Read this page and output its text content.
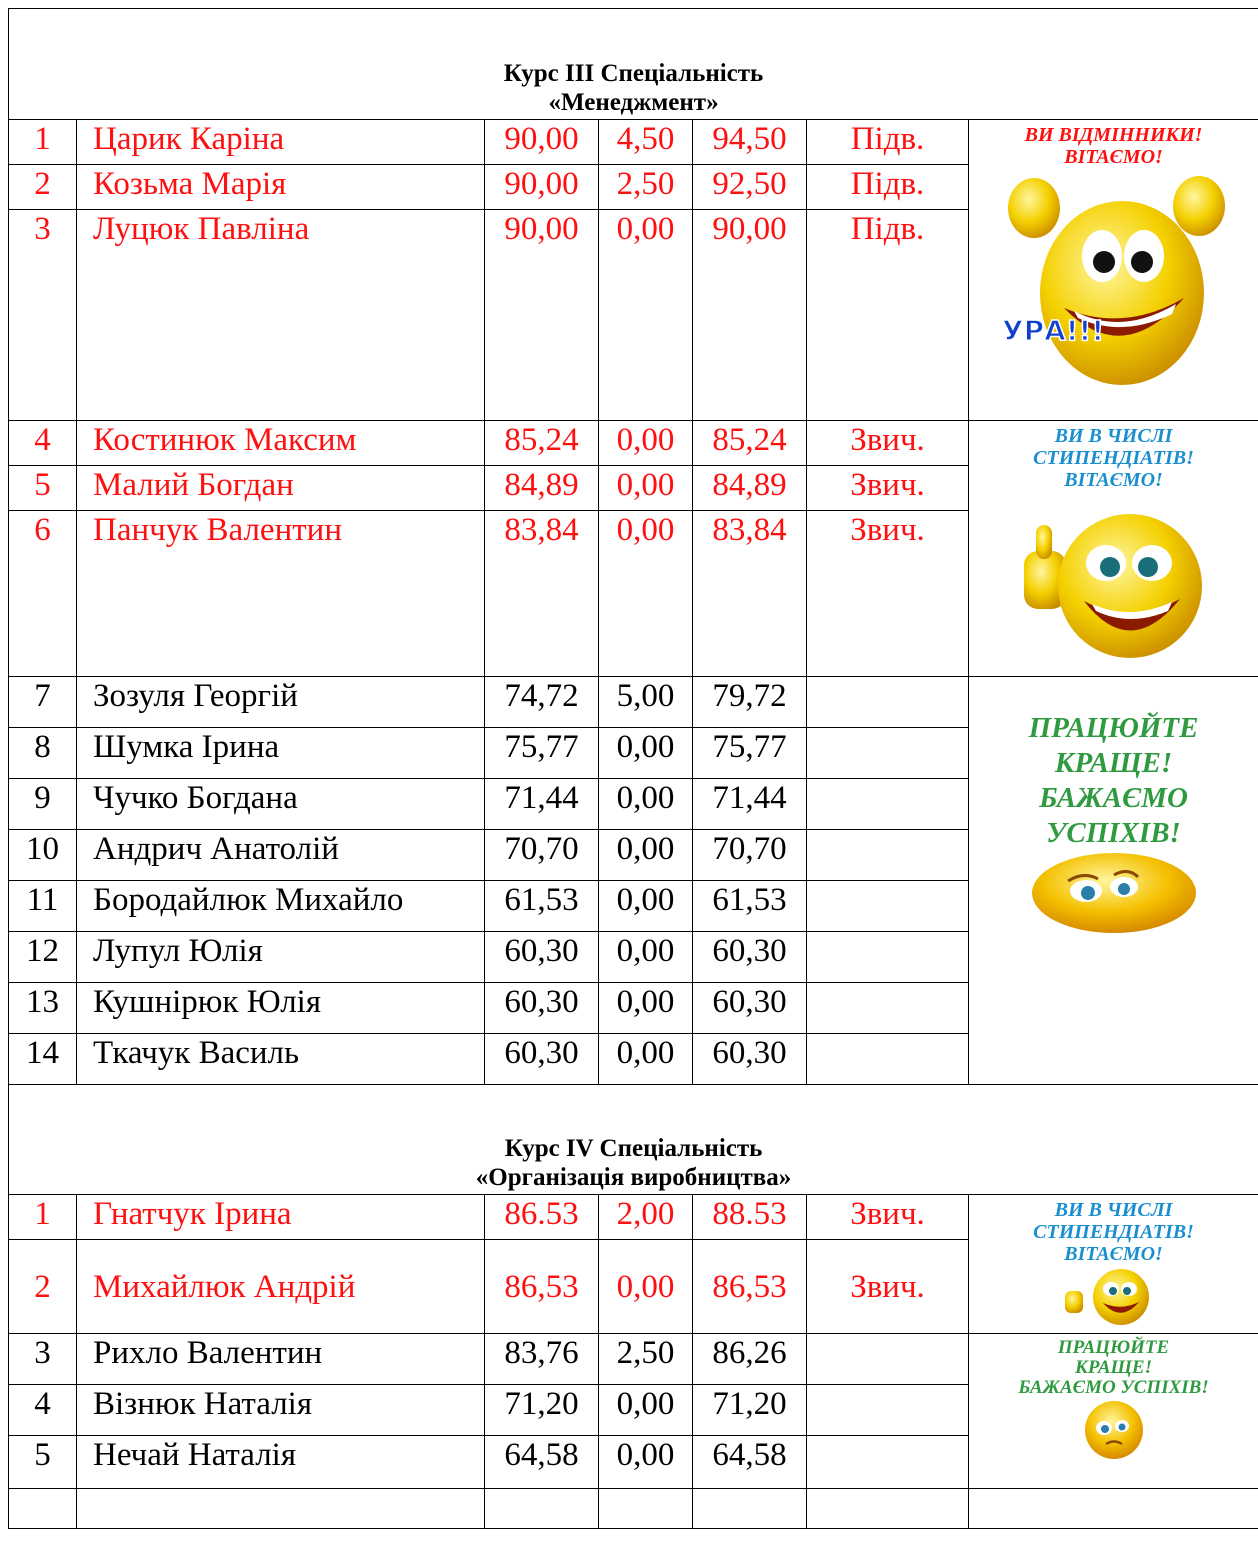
Курс III Спеціальність
«Менеджмент»						

1	Царик Каріна	90,00	4,50	94,50	Підв.	ВИ ВІДМІННИКИ!
ВІТАЄМО!
УРА!!!

2	Козьма Марія	90,00	2,50	92,50	Підв.	
3	Луцюк Павліна	90,00	0,00	90,00	Підв.	
4	Костинюк Максим	85,24	0,00	85,24	Звич.	ВИ В ЧИСЛІ
СТИПЕНДІАТІВ!
ВІТАЄМО!

5	Малий Богдан	84,89	0,00	84,89	Звич.	
6	Панчук Валентин	83,84	0,00	83,84	Звич.	
7	Зозуля Георгій	74,72	5,00	79,72		ПРАЦЮЙТЕ
КРАЩЕ!
БАЖАЄМО
УСПІХІВ!

8	Шумка Ірина	75,77	0,00	75,77		
9	Чучко Богдана	71,44	0,00	71,44		
10	Андрич Анатолій	70,70	0,00	70,70		
11	Бородайлюк Михайло	61,53	0,00	61,53		
12	Лупул Юлія	60,30	0,00	60,30		
13	Кушнірюк Юлія	60,30	0,00	60,30		
14	Ткачук Василь	60,30	0,00	60,30		

Курс IV Спеціальність
«Організація виробництва»						

1	Гнатчук Ірина	86.53	2,00	88.53	Звич.	ВИ В ЧИСЛІ
СТИПЕНДІАТІВ!
ВІТАЄМО!

2	Михайлюк Андрій	86,53	0,00	86,53	Звич.	
3	Рихло Валентин	83,76	2,50	86,26		ПРАЦЮЙТЕ
КРАЩЕ!
БАЖАЄМО УСПІХІВ!

4	Візнюк Наталія	71,20	0,00	71,20		
5	Нечай Наталія	64,58	0,00	64,58		
